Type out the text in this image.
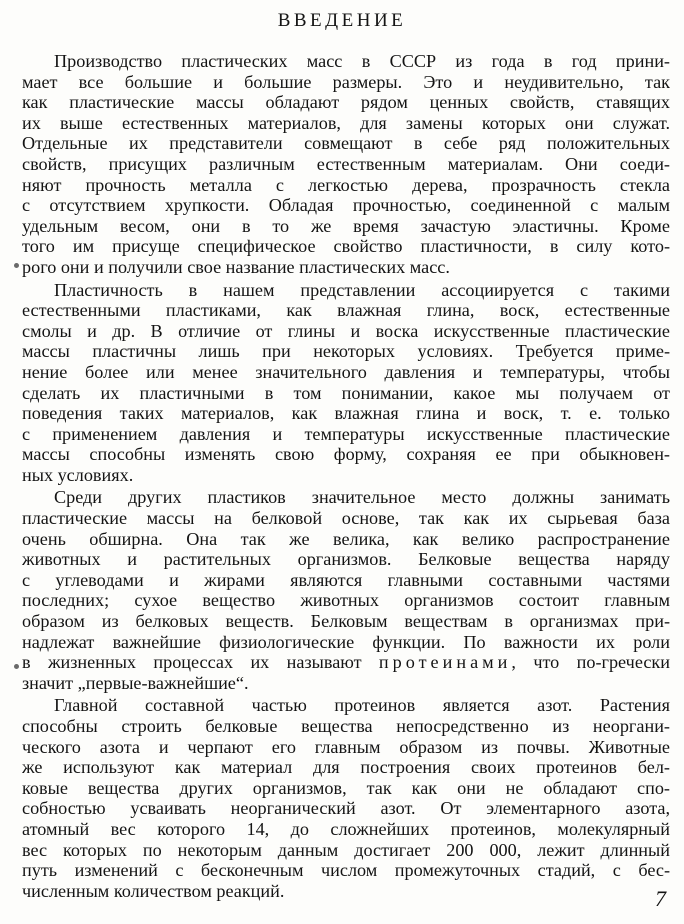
ВВЕДЕНИЕ
Производство пластических масс в СССР из года в год прини-
мает все большие и большие размеры. Это и неудивительно, так
как пластические массы обладают рядом ценных свойств, ставящих
их выше естественных материалов, для замены которых они служат.
Отдельные их представители совмещают в себе ряд положительных
свойств, присущих различным естественным материалам. Они соеди-
няют прочность металла с легкостью дерева, прозрачность стекла
с отсутствием хрупкости. Обладая прочностью, соединенной с малым
удельным весом, они в то же время зачастую эластичны. Кроме
того им присуще специфическое свойство пластичности, в силу кото-
рого они и получили свое название пластических масс.
Пластичность в нашем представлении ассоциируется с такими
естественными пластиками, как влажная глина, воск, естественные
смолы и др. В отличие от глины и воска искусственные пластические
массы пластичны лишь при некоторых условиях. Требуется приме-
нение более или менее значительного давления и температуры, чтобы
сделать их пластичными в том понимании, какое мы получаем от
поведения таких материалов, как влажная глина и воск, т. е. только
с применением давления и температуры искусственные пластические
массы способны изменять свою форму, сохраняя ее при обыкновен-
ных условиях.
Среди других пластиков значительное место должны занимать
пластические массы на белковой основе, так как их сырьевая база
очень обширна. Она так же велика, как велико распространение
животных и растительных организмов. Белковые вещества наряду
с углеводами и жирами являются главными составными частями
последних; сухое вещество животных организмов состоит главным
образом из белковых веществ. Белковым веществам в организмах при-
надлежат важнейшие физиологические функции. По важности их роли
в жизненных процессах их называют протеинами, что по-гречески
значит „первые-важнейшие“.
Главной составной частью протеинов является азот. Растения
способны строить белковые вещества непосредственно из неоргани-
ческого азота и черпают его главным образом из почвы. Животные
же используют как материал для построения своих протеинов бел-
ковые вещества других организмов, так как они не обладают спо-
собностью усваивать неорганический азот. От элементарного азота,
атомный вес которого 14, до сложнейших протеинов, молекулярный
вес которых по некоторым данным достигает 200 000, лежит длинный
путь изменений с бесконечным числом промежуточных стадий, с бес-
численным количеством реакций.	7
